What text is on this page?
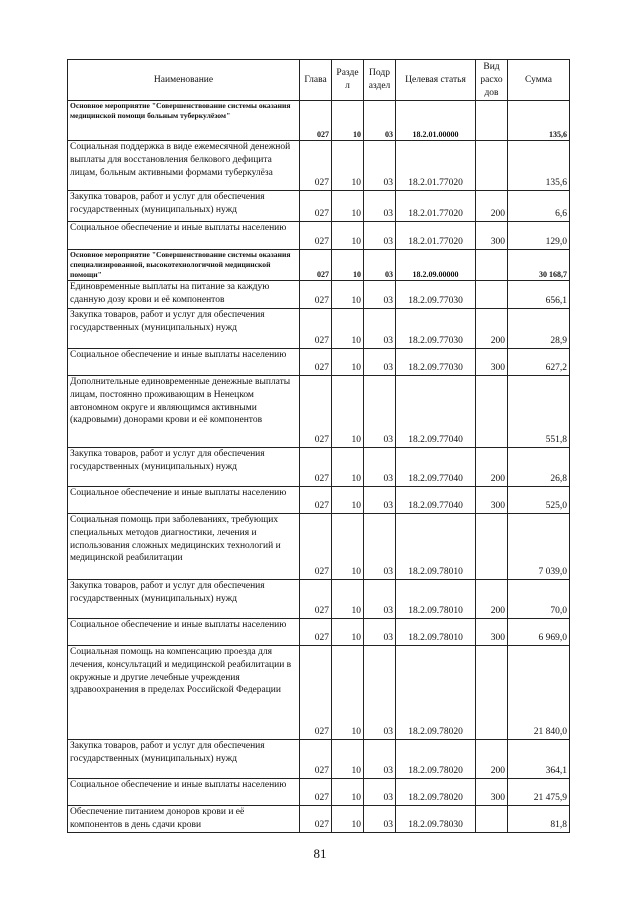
Наименование	Глава	Разде л	Подр аздел	Целевая статья	Вид расхо дов	Сумма
Основное мероприятие "Совершенствование системы оказания медицинской помощи больным туберкулёзом"	027	10	03	18.2.01.00000		135,6
Социальная поддержка в виде ежемесячной денежной выплаты для восстановления белкового дефицита лицам, больным активными формами туберкулёза	027	10	03	18.2.01.77020		135,6
Закупка товаров, работ и услуг для обеспечения государственных (муниципальных) нужд	027	10	03	18.2.01.77020	200	6,6
Социальное обеспечение и иные выплаты населению	027	10	03	18.2.01.77020	300	129,0
Основное мероприятие "Совершенствование системы оказания специализированной, высокотехнологичной медицинской помощи"	027	10	03	18.2.09.00000		30 168,7
Единовременные выплаты на питание за каждую сданную дозу крови и её компонентов	027	10	03	18.2.09.77030		656,1
Закупка товаров, работ и услуг для обеспечения государственных (муниципальных) нужд	027	10	03	18.2.09.77030	200	28,9
Социальное обеспечение и иные выплаты населению	027	10	03	18.2.09.77030	300	627,2
Дополнительные единовременные денежные выплаты лицам, постоянно проживающим в Ненецком автономном округе и являющимся активными (кадровыми) донорами крови и её компонентов	027	10	03	18.2.09.77040		551,8
Закупка товаров, работ и услуг для обеспечения государственных (муниципальных) нужд	027	10	03	18.2.09.77040	200	26,8
Социальное обеспечение и иные выплаты населению	027	10	03	18.2.09.77040	300	525,0
Социальная помощь при заболеваниях, требующих специальных методов диагностики, лечения и использования сложных медицинских технологий и медицинской реабилитации	027	10	03	18.2.09.78010		7 039,0
Закупка товаров, работ и услуг для обеспечения государственных (муниципальных) нужд	027	10	03	18.2.09.78010	200	70,0
Социальное обеспечение и иные выплаты населению	027	10	03	18.2.09.78010	300	6 969,0
Социальная помощь на компенсацию проезда для лечения, консультаций и медицинской реабилитации в окружные и другие лечебные учреждения здравоохранения в пределах Российской Федерации	027	10	03	18.2.09.78020		21 840,0
Закупка товаров, работ и услуг для обеспечения государственных (муниципальных) нужд	027	10	03	18.2.09.78020	200	364,1
Социальное обеспечение и иные выплаты населению	027	10	03	18.2.09.78020	300	21 475,9
Обеспечение питанием доноров крови и её компонентов в день сдачи крови	027	10	03	18.2.09.78030		81,8
81
